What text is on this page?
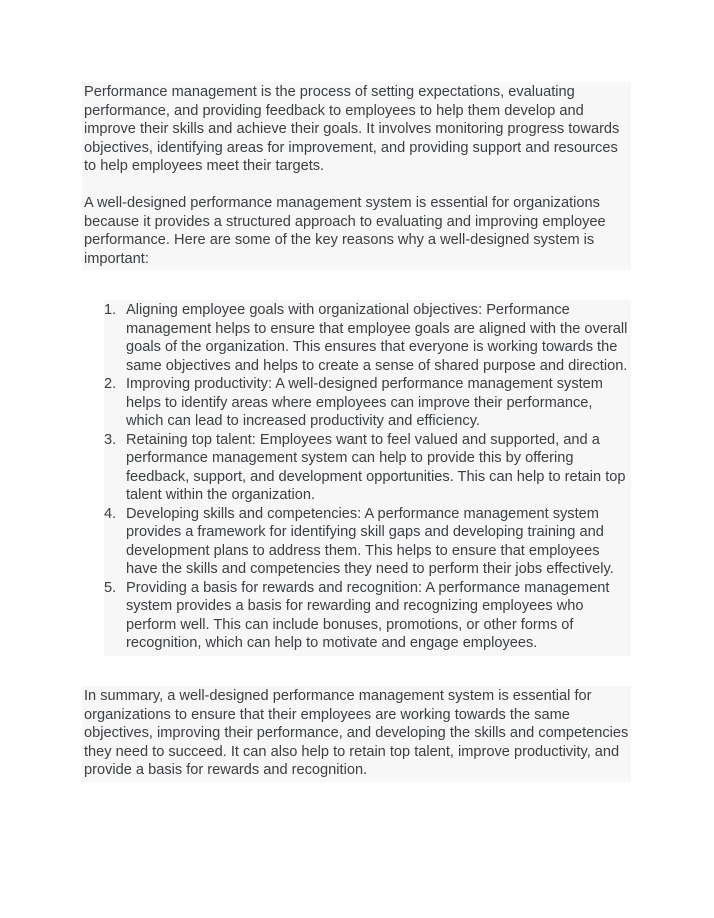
Performance management is the process of setting expectations, evaluating performance, and providing feedback to employees to help them develop and improve their skills and achieve their goals. It involves monitoring progress towards objectives, identifying areas for improvement, and providing support and resources to help employees meet their targets.

A well-designed performance management system is essential for organizations because it provides a structured approach to evaluating and improving employee performance. Here are some of the key reasons why a well-designed system is important:

1. Aligning employee goals with organizational objectives: Performance management helps to ensure that employee goals are aligned with the overall goals of the organization. This ensures that everyone is working towards the same objectives and helps to create a sense of shared purpose and direction.
2. Improving productivity: A well-designed performance management system helps to identify areas where employees can improve their performance, which can lead to increased productivity and efficiency.
3. Retaining top talent: Employees want to feel valued and supported, and a performance management system can help to provide this by offering feedback, support, and development opportunities. This can help to retain top talent within the organization.
4. Developing skills and competencies: A performance management system provides a framework for identifying skill gaps and developing training and development plans to address them. This helps to ensure that employees have the skills and competencies they need to perform their jobs effectively.
5. Providing a basis for rewards and recognition: A performance management system provides a basis for rewarding and recognizing employees who perform well. This can include bonuses, promotions, or other forms of recognition, which can help to motivate and engage employees.

In summary, a well-designed performance management system is essential for organizations to ensure that their employees are working towards the same objectives, improving their performance, and developing the skills and competencies they need to succeed. It can also help to retain top talent, improve productivity, and provide a basis for rewards and recognition.
